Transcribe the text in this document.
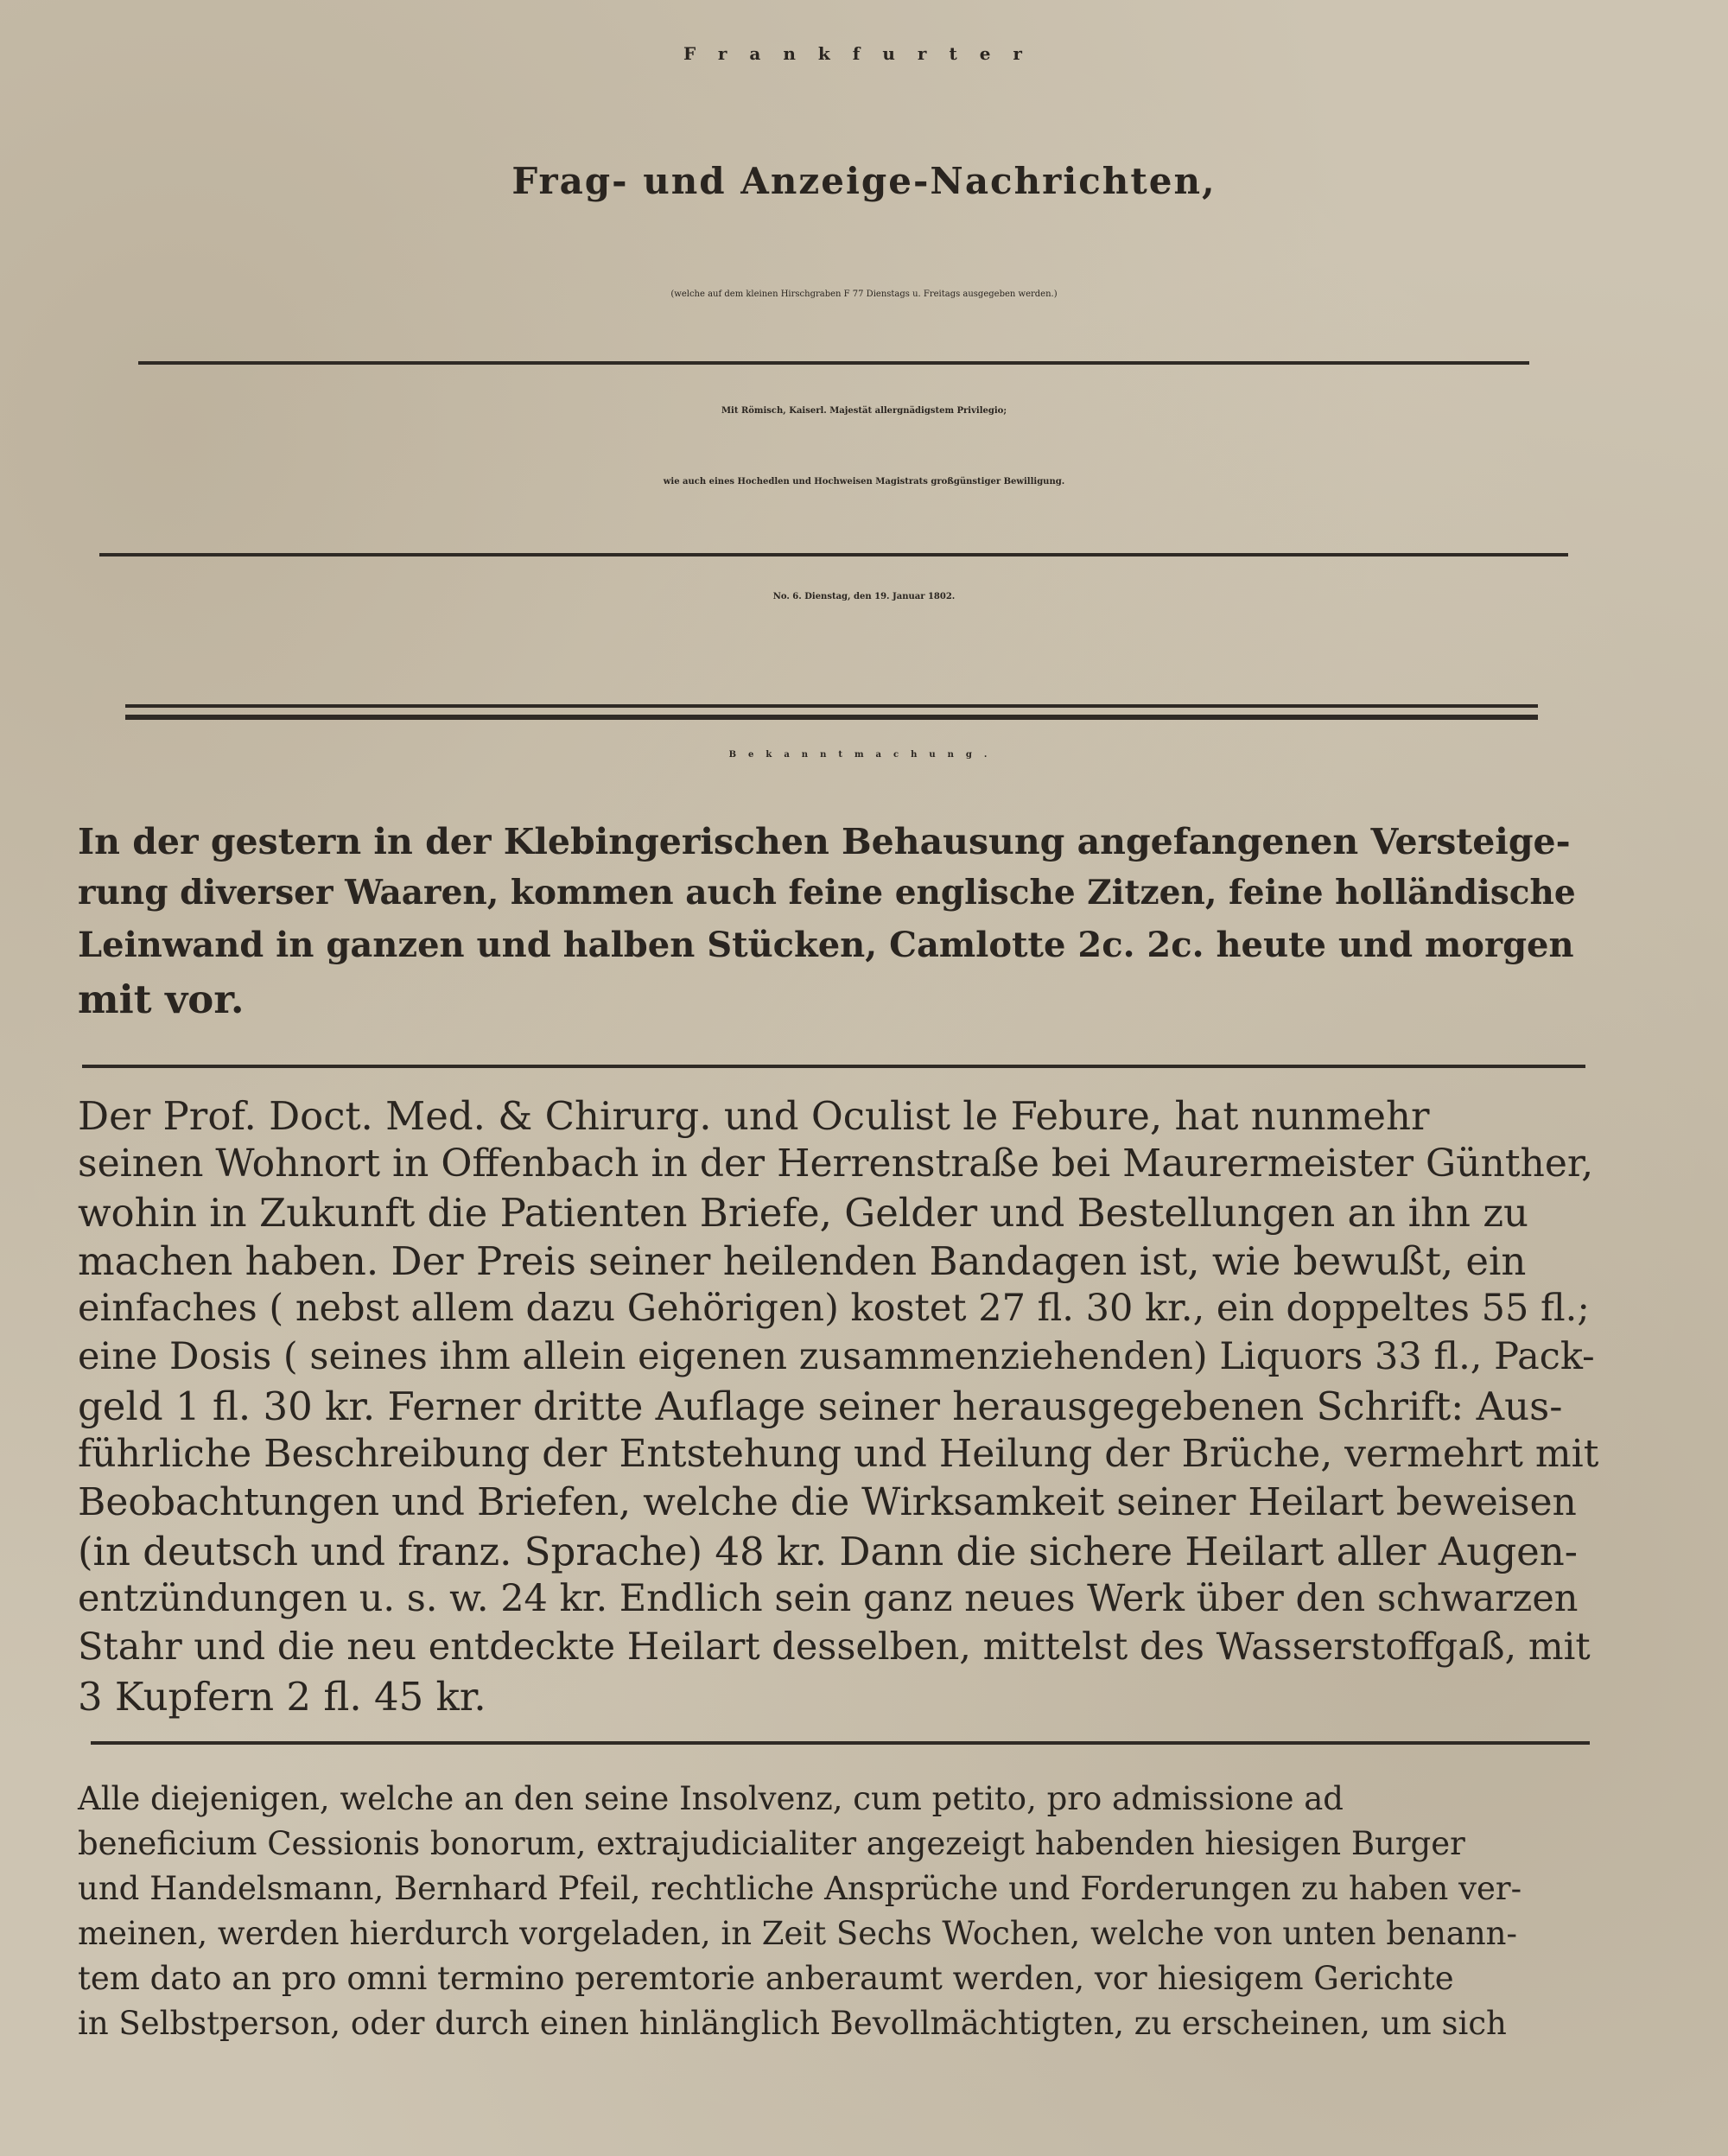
Frankfurter
Frag- und Anzeige-Nachrichten,
(welche auf dem kleinen Hirschgraben F 77 Dienstags u. Freitags ausgegeben werden.)
Mit Römisch, Kaiserl. Majestät allergnädigstem Privilegio;
wie auch eines Hochedlen und Hochweisen Magistrats großgünstiger Bewilligung.
No. 6. Dienstag, den 19. Januar 1802.
Bekanntmachung.
In der gestern in der Klebingerischen Behausung angefangenen Versteige-
rung diverser Waaren, kommen auch feine englische Zitzen, feine holländische
Leinwand in ganzen und halben Stücken, Camlotte 2c. 2c. heute und morgen
mit vor.
Der Prof. Doct. Med. & Chirurg. und Oculist le Febure, hat nunmehr
seinen Wohnort in Offenbach in der Herrenstraße bei Maurermeister Günther,
wohin in Zukunft die Patienten Briefe, Gelder und Bestellungen an ihn zu
machen haben. Der Preis seiner heilenden Bandagen ist, wie bewußt, ein
einfaches ( nebst allem dazu Gehörigen) kostet 27 fl. 30 kr., ein doppeltes 55 fl.;
eine Dosis ( seines ihm allein eigenen zusammenziehenden) Liquors 33 fl., Pack-
geld 1 fl. 30 kr. Ferner dritte Auflage seiner herausgegebenen Schrift: Aus-
führliche Beschreibung der Entstehung und Heilung der Brüche, vermehrt mit
Beobachtungen und Briefen, welche die Wirksamkeit seiner Heilart beweisen
(in deutsch und franz. Sprache) 48 kr. Dann die sichere Heilart aller Augen-
entzündungen u. s. w. 24 kr. Endlich sein ganz neues Werk über den schwarzen
Stahr und die neu entdeckte Heilart desselben, mittelst des Wasserstoffgaß, mit
3 Kupfern 2 fl. 45 kr.
Alle diejenigen, welche an den seine Insolvenz, cum petito, pro admissione ad
beneficium Cessionis bonorum, extrajudicialiter angezeigt habenden hiesigen Burger
und Handelsmann, Bernhard Pfeil, rechtliche Ansprüche und Forderungen zu haben ver-
meinen, werden hierdurch vorgeladen, in Zeit Sechs Wochen, welche von unten benann-
tem dato an pro omni termino peremtorie anberaumt werden, vor hiesigem Gerichte
in Selbstperson, oder durch einen hinlänglich Bevollmächtigten, zu erscheinen, um sich
